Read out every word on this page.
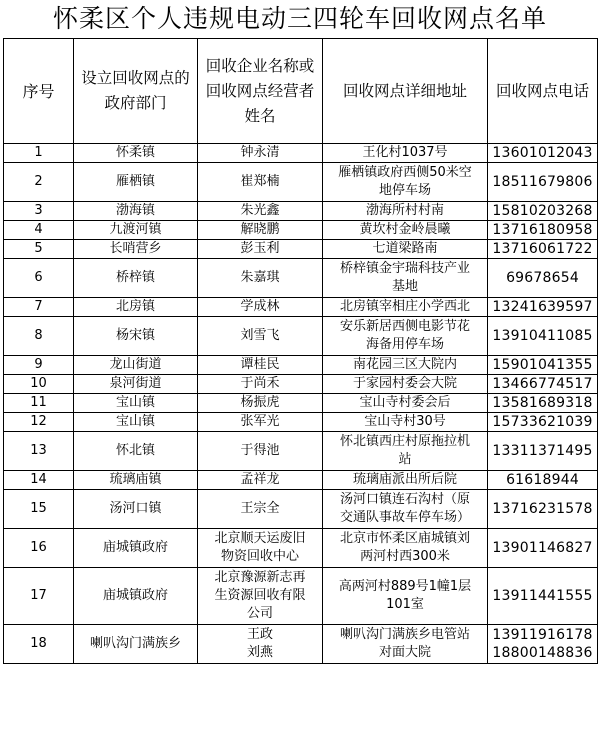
怀柔区个人违规电动三四轮车回收网点名单
序号	设立回收网点的政府部门	回收企业名称或回收网点经营者姓名	回收网点详细地址	回收网点电话
1	怀柔镇	钟永清	王化村1037号	13601012043

2	雁栖镇	崔郑楠	雁栖镇政府西侧50米空
地停车场	18511679806

3	渤海镇	朱光鑫	渤海所村村南	15810203268

4	九渡河镇	解晓鹏	黄坎村金岭晨曦	13716180958

5	长哨营乡	彭玉利	七道梁路南	13716061722

6	桥梓镇	朱嘉琪	桥梓镇金宇瑞科技产业
基地	69678654

7	北房镇	学成林	北房镇宰相庄小学西北	13241639597

8	杨宋镇	刘雪飞	安乐新居西侧电影节花
海备用停车场	13910411085

9	龙山街道	谭桂民	南花园三区大院内	15901041355

10	泉河街道	于尚禾	于家园村委会大院	13466774517

11	宝山镇	杨振虎	宝山寺村委会后	13581689318

12	宝山镇	张军光	宝山寺村30号	15733621039

13	怀北镇	于得池	怀北镇西庄村原拖拉机
站	13311371495

14	琉璃庙镇	孟祥龙	琉璃庙派出所后院	61618944

15	汤河口镇	王宗全	汤河口镇连石沟村（原
交通队事故车停车场）	13716231578

16	庙城镇政府	北京顺天运废旧
物资回收中心	北京市怀柔区庙城镇刘
两河村西300米	13901146827

17	庙城镇政府	北京豫源新志再
生资源回收有限
公司	高两河村889号1幢1层
101室	13911441555

18	喇叭沟门满族乡	王政
刘燕	喇叭沟门满族乡电管站
对面大院	13911916178
18800148836
